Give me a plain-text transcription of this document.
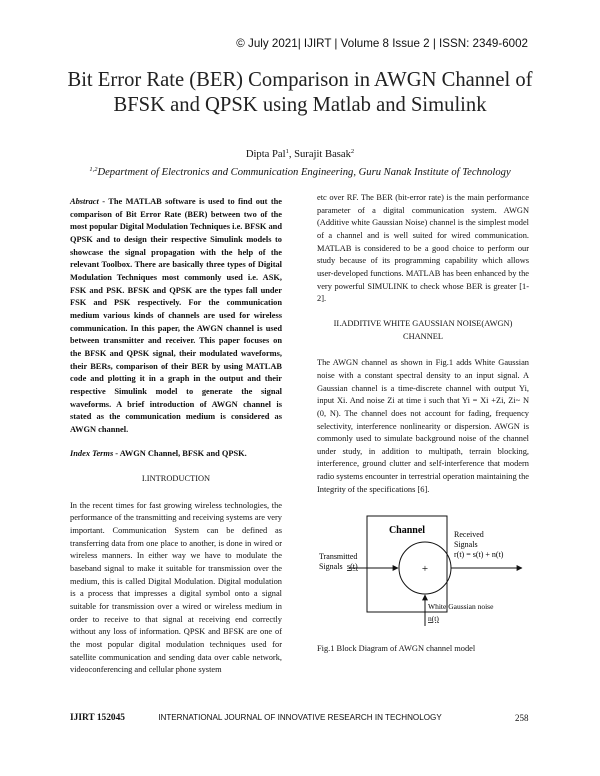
© July 2021| IJIRT | Volume 8 Issue 2 | ISSN: 2349-6002
Bit Error Rate (BER) Comparison in AWGN Channel of
BFSK and QPSK using Matlab and Simulink
Dipta Pal$^1$, Surajit Basak$^2$
$^{1,2}$Department of Electronics and Communication Engineering, Guru Nanak Institute of Technology

Abstract - The MATLAB software is used to find out the comparison of Bit Error Rate (BER) between two of the most popular Digital Modulation Techniques i.e. BFSK and QPSK and to design their respective Simulink models to showcase the signal propagation with the help of the relevant Toolbox. There are basically three types of Digital Modulation Techniques most commonly used i.e. ASK, FSK and PSK. BFSK and QPSK are the types fall under FSK and PSK respectively. For the communication medium various kinds of channels are used for wireless communication. In this paper, the AWGN channel is used between transmitter and receiver. This paper focuses on the BFSK and QPSK signal, their modulated waveforms, their BERs, comparison of their BER by using MATLAB code and plotting it in a graph in the output and their respective Simulink model to generate the signal waveforms. A brief introduction of AWGN channel is stated as the communication medium is considered as AWGN channel.

Index Terms - AWGN Channel, BFSK and QPSK.

I.INTRODUCTION

In the recent times for fast growing wireless technologies, the performance of the transmitting and receiving systems are very important. Communication System can be defined as transferring data from one place to another, is done in wired or wireless manners. In either way we have to modulate the baseband signal to make it suitable for transmission over the medium, this is called Digital Modulation. Digital modulation is a process that impresses a digital symbol onto a signal suitable for transmission over a wired or wireless medium in order to receive to that signal at receiving end correctly without any loss of information. QPSK and BFSK are one of the most popular digital modulation techniques used for satellite communication and sending data over cable network, videoconferencing and cellular phone system

etc over RF. The BER (bit-error rate) is the main performance parameter of a digital communication system. AWGN (Additive white Gaussian Noise) channel is the simplest model of a channel and is well suited for wired communication. MATLAB is considered to be a good choice to perform our study because of its programming capability which allows user-developed functions. MATLAB has been enhanced by the very powerful SIMULINK to check whose BER is greater [1-2].

II.ADDITIVE WHITE GAUSSIAN NOISE(AWGN) CHANNEL

The AWGN channel as shown in Fig.1 adds White Gaussian noise with a constant spectral density to an input signal. A Gaussian channel is a time-discrete channel with output Yi, input Xi. And noise Zi at time i such that Yi = Xi +Zi, Zi~ N (0, N). The channel does not account for fading, frequency selectivity, interference nonlinearity or dispersion. AWGN is commonly used to simulate background noise of the channel under study, in addition to multipath, terrain blocking, interference, ground clutter and self-interference that modern radio systems encounter in terrestrial operation maintaining the Integrity of the specifications [6].

Channel
+
Transmitted
Signals s(t)
Received
Signals
r(t) = s(t) + n(t)
White Gaussian noise
n(t)

Fig.1 Block Diagram of AWGN channel model

IJIRT 152045	INTERNATIONAL JOURNAL OF INNOVATIVE RESEARCH IN TECHNOLOGY	258
